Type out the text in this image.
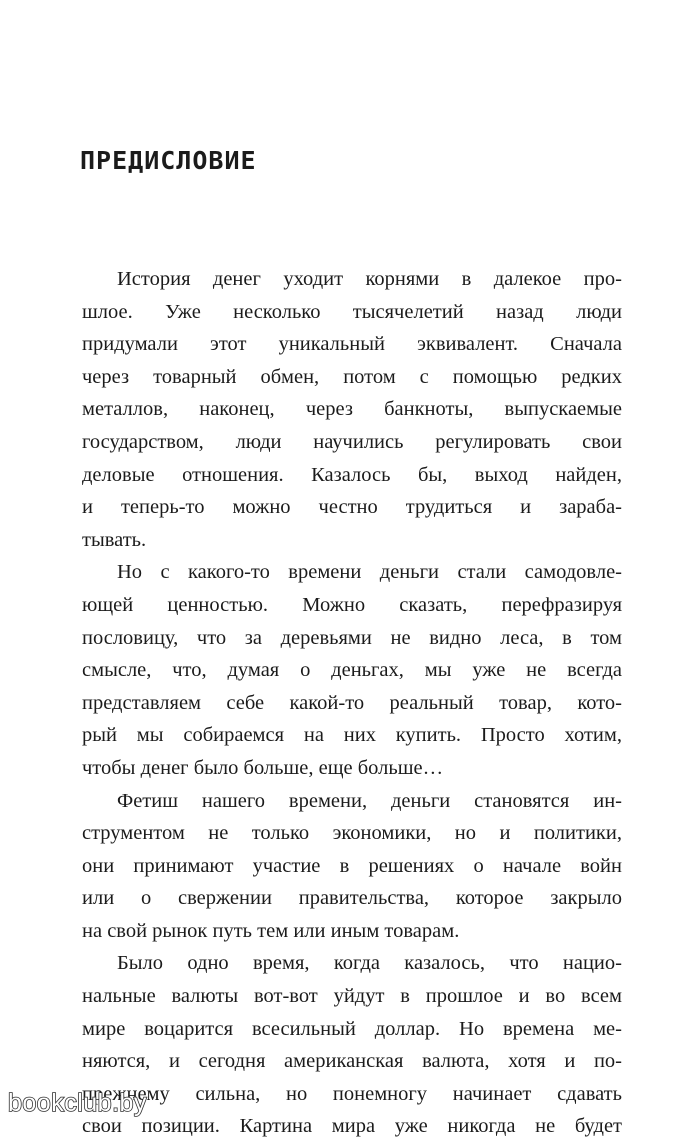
ПРЕДИСЛОВИЕ
История денег уходит корнями в далекое про-
шлое. Уже несколько тысячелетий назад люди
придумали этот уникальный эквивалент. Сначала
через товарный обмен, потом с помощью редких
металлов, наконец, через банкноты, выпускаемые
государством, люди научились регулировать свои
деловые отношения. Казалось бы, выход найден,
и теперь-то можно честно трудиться и зараба-
тывать.
Но с какого-то времени деньги стали самодовле-
ющей ценностью. Можно сказать, перефразируя
пословицу, что за деревьями не видно леса, в том
смысле, что, думая о деньгах, мы уже не всегда
представляем себе какой-то реальный товар, кото-
рый мы собираемся на них купить. Просто хотим,
чтобы денег было больше, еще больше…
Фетиш нашего времени, деньги становятся ин-
струментом не только экономики, но и политики,
они принимают участие в решениях о начале войн
или о свержении правительства, которое закрыло
на свой рынок путь тем или иным товарам.
Было одно время, когда казалось, что нацио-
нальные валюты вот-вот уйдут в прошлое и во всем
мире воцарится всесильный доллар. Но времена ме-
няются, и сегодня американская валюта, хотя и по-
прежнему сильна, но понемногу начинает сдавать
свои позиции. Картина мира уже никогда не будет
bookclub.by
